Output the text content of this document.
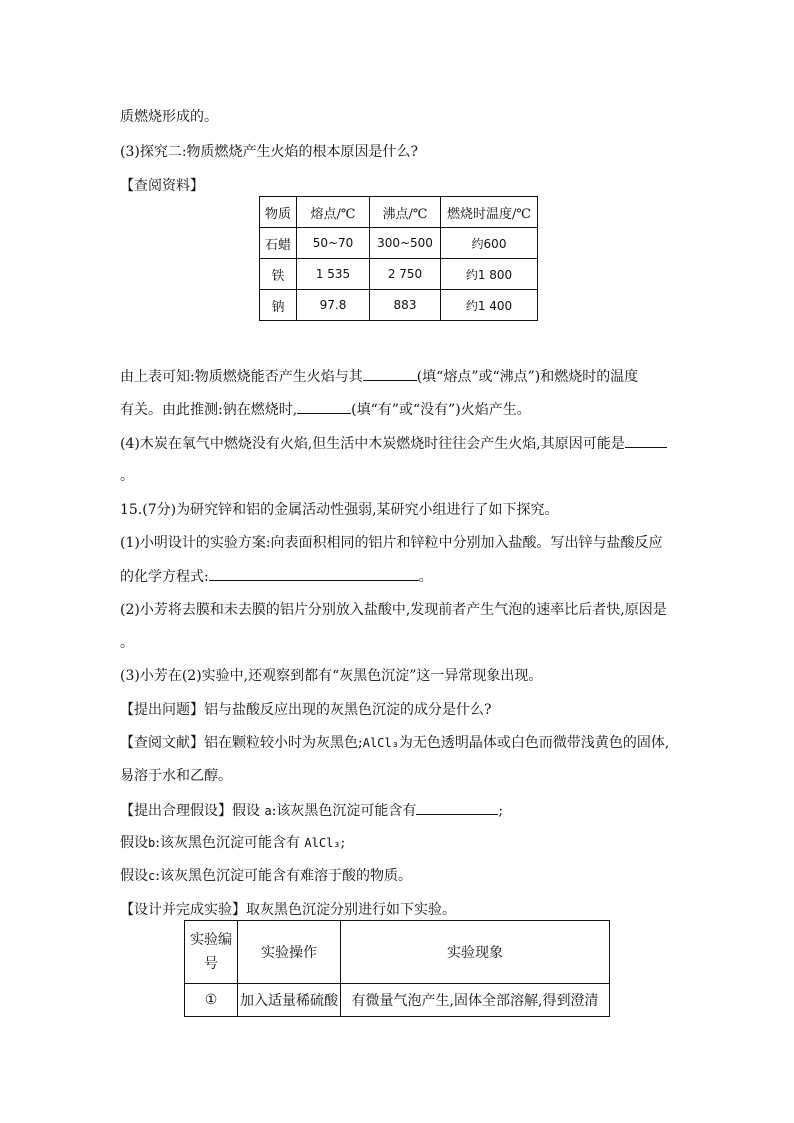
质燃烧形成的。
(3)探究二:物质燃烧产生火焰的根本原因是什么?
【查阅资料】
物质	熔点/℃	沸点/℃	燃烧时温度/℃
石蜡	50~70	300~500	约600
铁	1 535	2 750	约1 800
钠	97.8	883	约1 400
由上表可知:物质燃烧能否产生火焰与其	(填“熔点”或“沸点”)和燃烧时的温度
有关。由此推测:钠在燃烧时,	(填“有”或“没有”)火焰产生。
(4)木炭在氧气中燃烧没有火焰,但生活中木炭燃烧时往往会产生火焰,其原因可能是
。
15.(7分)为研究锌和铝的金属活动性强弱,某研究小组进行了如下探究。
(1)小明设计的实验方案:向表面积相同的铝片和锌粒中分别加入盐酸。写出锌与盐酸反应
的化学方程式:	。
(2)小芳将去膜和未去膜的铝片分别放入盐酸中,发现前者产生气泡的速率比后者快,原因是
。
(3)小芳在(2)实验中,还观察到都有“灰黑色沉淀”这一异常现象出现。
【提出问题】铝与盐酸反应出现的灰黑色沉淀的成分是什么?
【查阅文献】铝在颗粒较小时为灰黑色;AlCl₃为无色透明晶体或白色而微带浅黄色的固体,
易溶于水和乙醇。
【提出合理假设】假设 a:该灰黑色沉淀可能含有	;
假设b:该灰黑色沉淀可能含有 AlCl₃;
假设c:该灰黑色沉淀可能含有难溶于酸的物质。
【设计并完成实验】取灰黑色沉淀分别进行如下实验。
实验编号	实验操作	实验现象
①	加入适量稀硫酸	有微量气泡产生,固体全部溶解,得到澄清
